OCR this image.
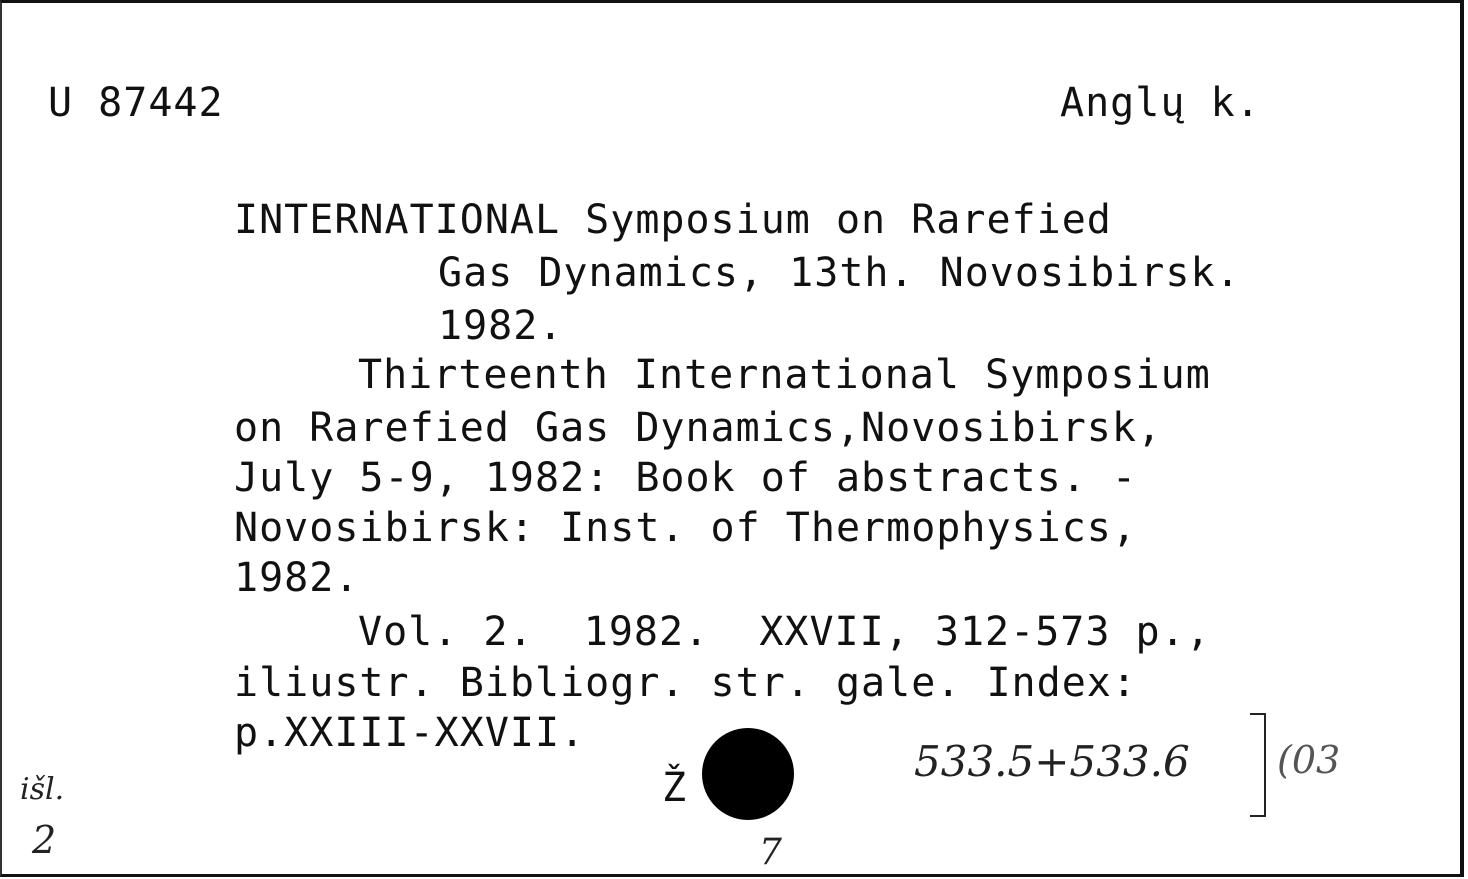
U 87442	Anglų k.
INTERNATIONAL Symposium on Rarefied
Gas Dynamics, 13th. Novosibirsk.
1982.
Thirteenth International Symposium
on Rarefied Gas Dynamics,Novosibirsk,
July 5-9, 1982: Book of abstracts. -
Novosibirsk: Inst. of Thermophysics,
1982.
Vol. 2.  1982.  XXVII, 312-573 p.,
iliustr. Bibliogr. str. gale. Index:
p.XXIII-XXVII.
Ž
533.5+533.6 (03
išl.
2	7
